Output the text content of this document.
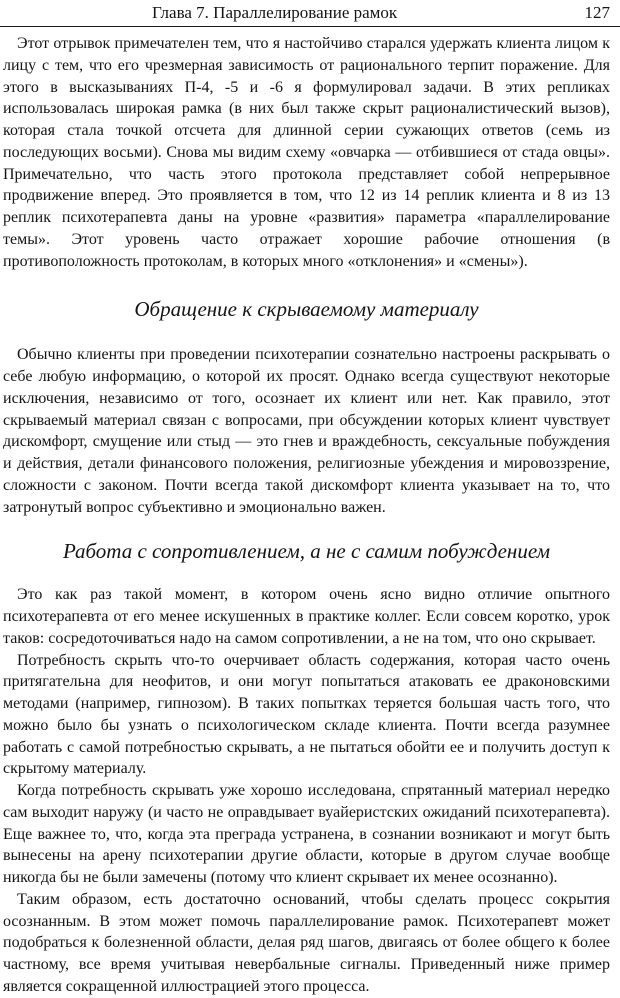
Глава 7. Параллелирование рамок	127

Этот отрывок примечателен тем, что я настойчиво старался удержать клиента лицом к лицу с тем, что его чрезмерная зависимость от рационального терпит поражение. Для этого в высказываниях П-4, -5 и -6 я формулировал задачи. В этих репликах использовалась широкая рамка (в них был также скрыт рационалистический вызов), которая стала точкой отсчета для длинной серии сужающих ответов (семь из последующих восьми). Снова мы видим схему «овчарка — отбившиеся от стада овцы». Примечательно, что часть этого протокола представляет собой непрерывное продвижение вперед. Это проявляется в том, что 12 из 14 реплик клиента и 8 из 13 реплик психотерапевта даны на уровне «развития» параметра «параллелирование темы». Этот уровень часто отражает хорошие рабочие отношения (в противоположность протоколам, в которых много «отклонения» и «смены»).

Обращение к скрываемому материалу

Обычно клиенты при проведении психотерапии сознательно настроены раскрывать о себе любую информацию, о которой их просят. Однако всегда существуют некоторые исключения, независимо от того, осознает их клиент или нет. Как правило, этот скрываемый материал связан с вопросами, при обсуждении которых клиент чувствует дискомфорт, смущение или стыд — это гнев и враждебность, сексуальные побуждения и действия, детали финансового положения, религиозные убеждения и мировоззрение, сложности с законом. Почти всегда такой дискомфорт клиента указывает на то, что затронутый вопрос субъективно и эмоционально важен.

Работа с сопротивлением, а не с самим побуждением

Это как раз такой момент, в котором очень ясно видно отличие опытного психотерапевта от его менее искушенных в практике коллег. Если совсем коротко, урок таков: сосредоточиваться надо на самом сопротивлении, а не на том, что оно скрывает.

Потребность скрыть что-то очерчивает область содержания, которая часто очень притягательна для неофитов, и они могут попытаться атаковать ее драконовскими методами (например, гипнозом). В таких попытках теряется большая часть того, что можно было бы узнать о психологическом складе клиента. Почти всегда разумнее работать с самой потребностью скрывать, а не пытаться обойти ее и получить доступ к скрытому материалу.

Когда потребность скрывать уже хорошо исследована, спрятанный материал нередко сам выходит наружу (и часто не оправдывает вуайеристских ожиданий психотерапевта). Еще важнее то, что, когда эта преграда устранена, в сознании возникают и могут быть вынесены на арену психотерапии другие области, которые в другом случае вообще никогда бы не были замечены (потому что клиент скрывает их менее осознанно).

Таким образом, есть достаточно оснований, чтобы сделать процесс сокрытия осознанным. В этом может помочь параллелирование рамок. Психотерапевт может подобраться к болезненной области, делая ряд шагов, двигаясь от более общего к более частному, все время учитывая невербальные сигналы. Приведенный ниже пример является сокращенной иллюстрацией этого процесса.
